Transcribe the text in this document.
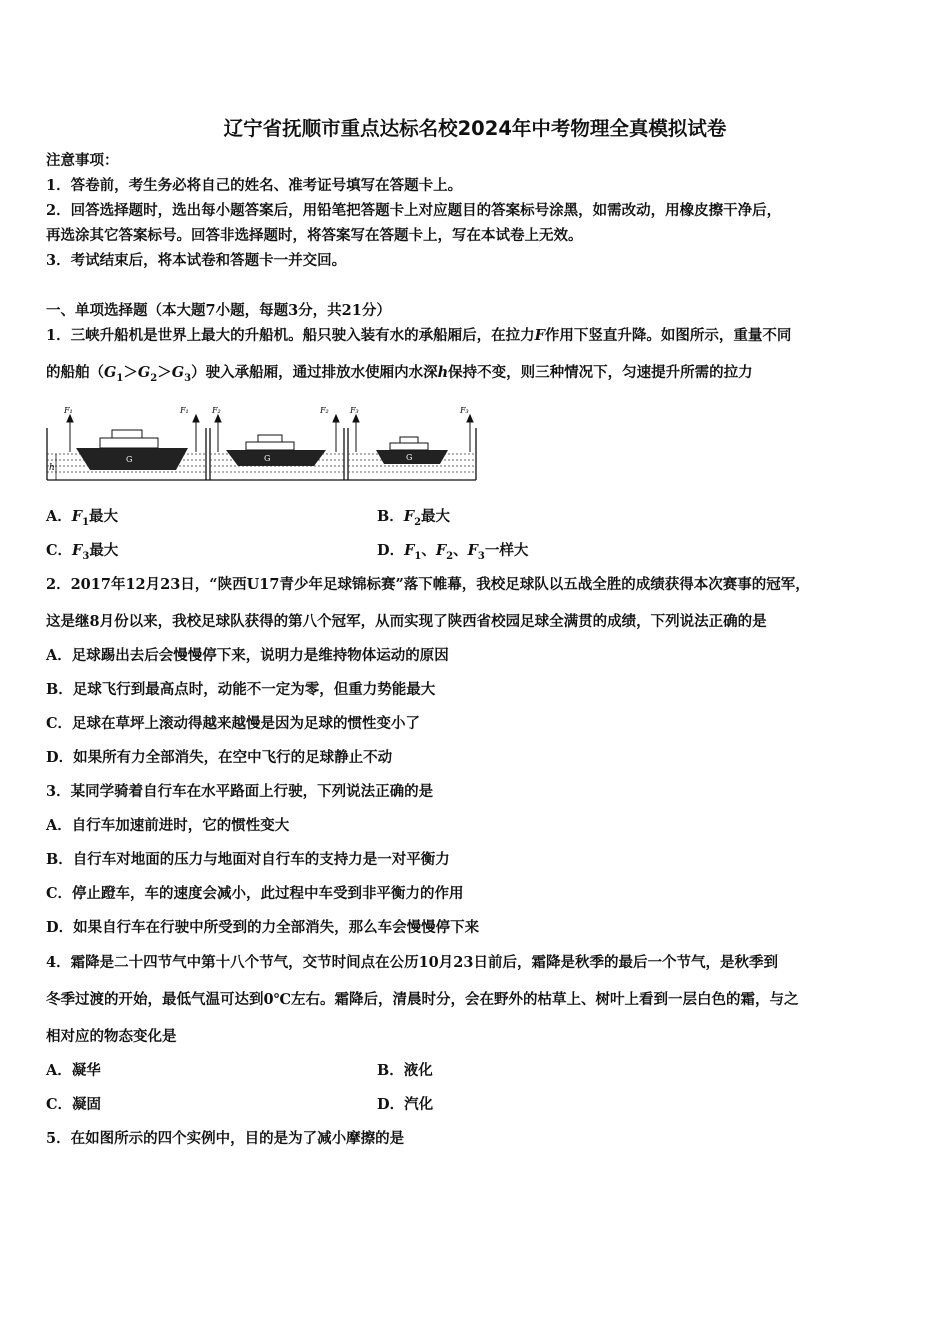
辽宁省抚顺市重点达标名校2024年中考物理全真模拟试卷
注意事项：
1．答卷前，考生务必将自己的姓名、准考证号填写在答题卡上。
2．回答选择题时，选出每小题答案后，用铅笔把答题卡上对应题目的答案标号涂黑，如需改动，用橡皮擦干净后，
再选涂其它答案标号。回答非选择题时，将答案写在答题卡上，写在本试卷上无效。
3．考试结束后，将本试卷和答题卡一并交回。
一、单项选择题（本大题7小题，每题3分，共21分）
1．三峡升船机是世界上最大的升船机。船只驶入装有水的承船厢后，在拉力F作用下竖直升降。如图所示，重量不同
的船舶$(G_1>G_2>G_3)$驶入承船厢，通过排放水使厢内水深h保持不变，则三种情况下，匀速提升所需的拉力
h
G	G	G
F₁	F₁	F₂	F₂	F₃	F₃
A．$F_1$最大	B．$F_2$最大
C．$F_3$最大	D．$F_1$、$F_2$、$F_3$一样大
2．2017年12月23日，“陕西U17青少年足球锦标赛”落下帷幕，我校足球队以五战全胜的成绩获得本次赛事的冠军，
这是继8月份以来，我校足球队获得的第八个冠军，从而实现了陕西省校园足球全满贯的成绩，下列说法正确的是
A．足球踢出去后会慢慢停下来，说明力是维持物体运动的原因
B．足球飞行到最高点时，动能不一定为零，但重力势能最大
C．足球在草坪上滚动得越来越慢是因为足球的惯性变小了
D．如果所有力全部消失，在空中飞行的足球静止不动
3．某同学骑着自行车在水平路面上行驶，下列说法正确的是
A．自行车加速前进时，它的惯性变大
B．自行车对地面的压力与地面对自行车的支持力是一对平衡力
C．停止蹬车，车的速度会减小，此过程中车受到非平衡力的作用
D．如果自行车在行驶中所受到的力全部消失，那么车会慢慢停下来
4．霜降是二十四节气中第十八个节气，交节时间点在公历10月23日前后，霜降是秋季的最后一个节气，是秋季到
冬季过渡的开始，最低气温可达到0℃左右。霜降后，清晨时分，会在野外的枯草上、树叶上看到一层白色的霜，与之
相对应的物态变化是
A．凝华	B．液化
C．凝固	D．汽化
5．在如图所示的四个实例中，目的是为了减小摩擦的是
